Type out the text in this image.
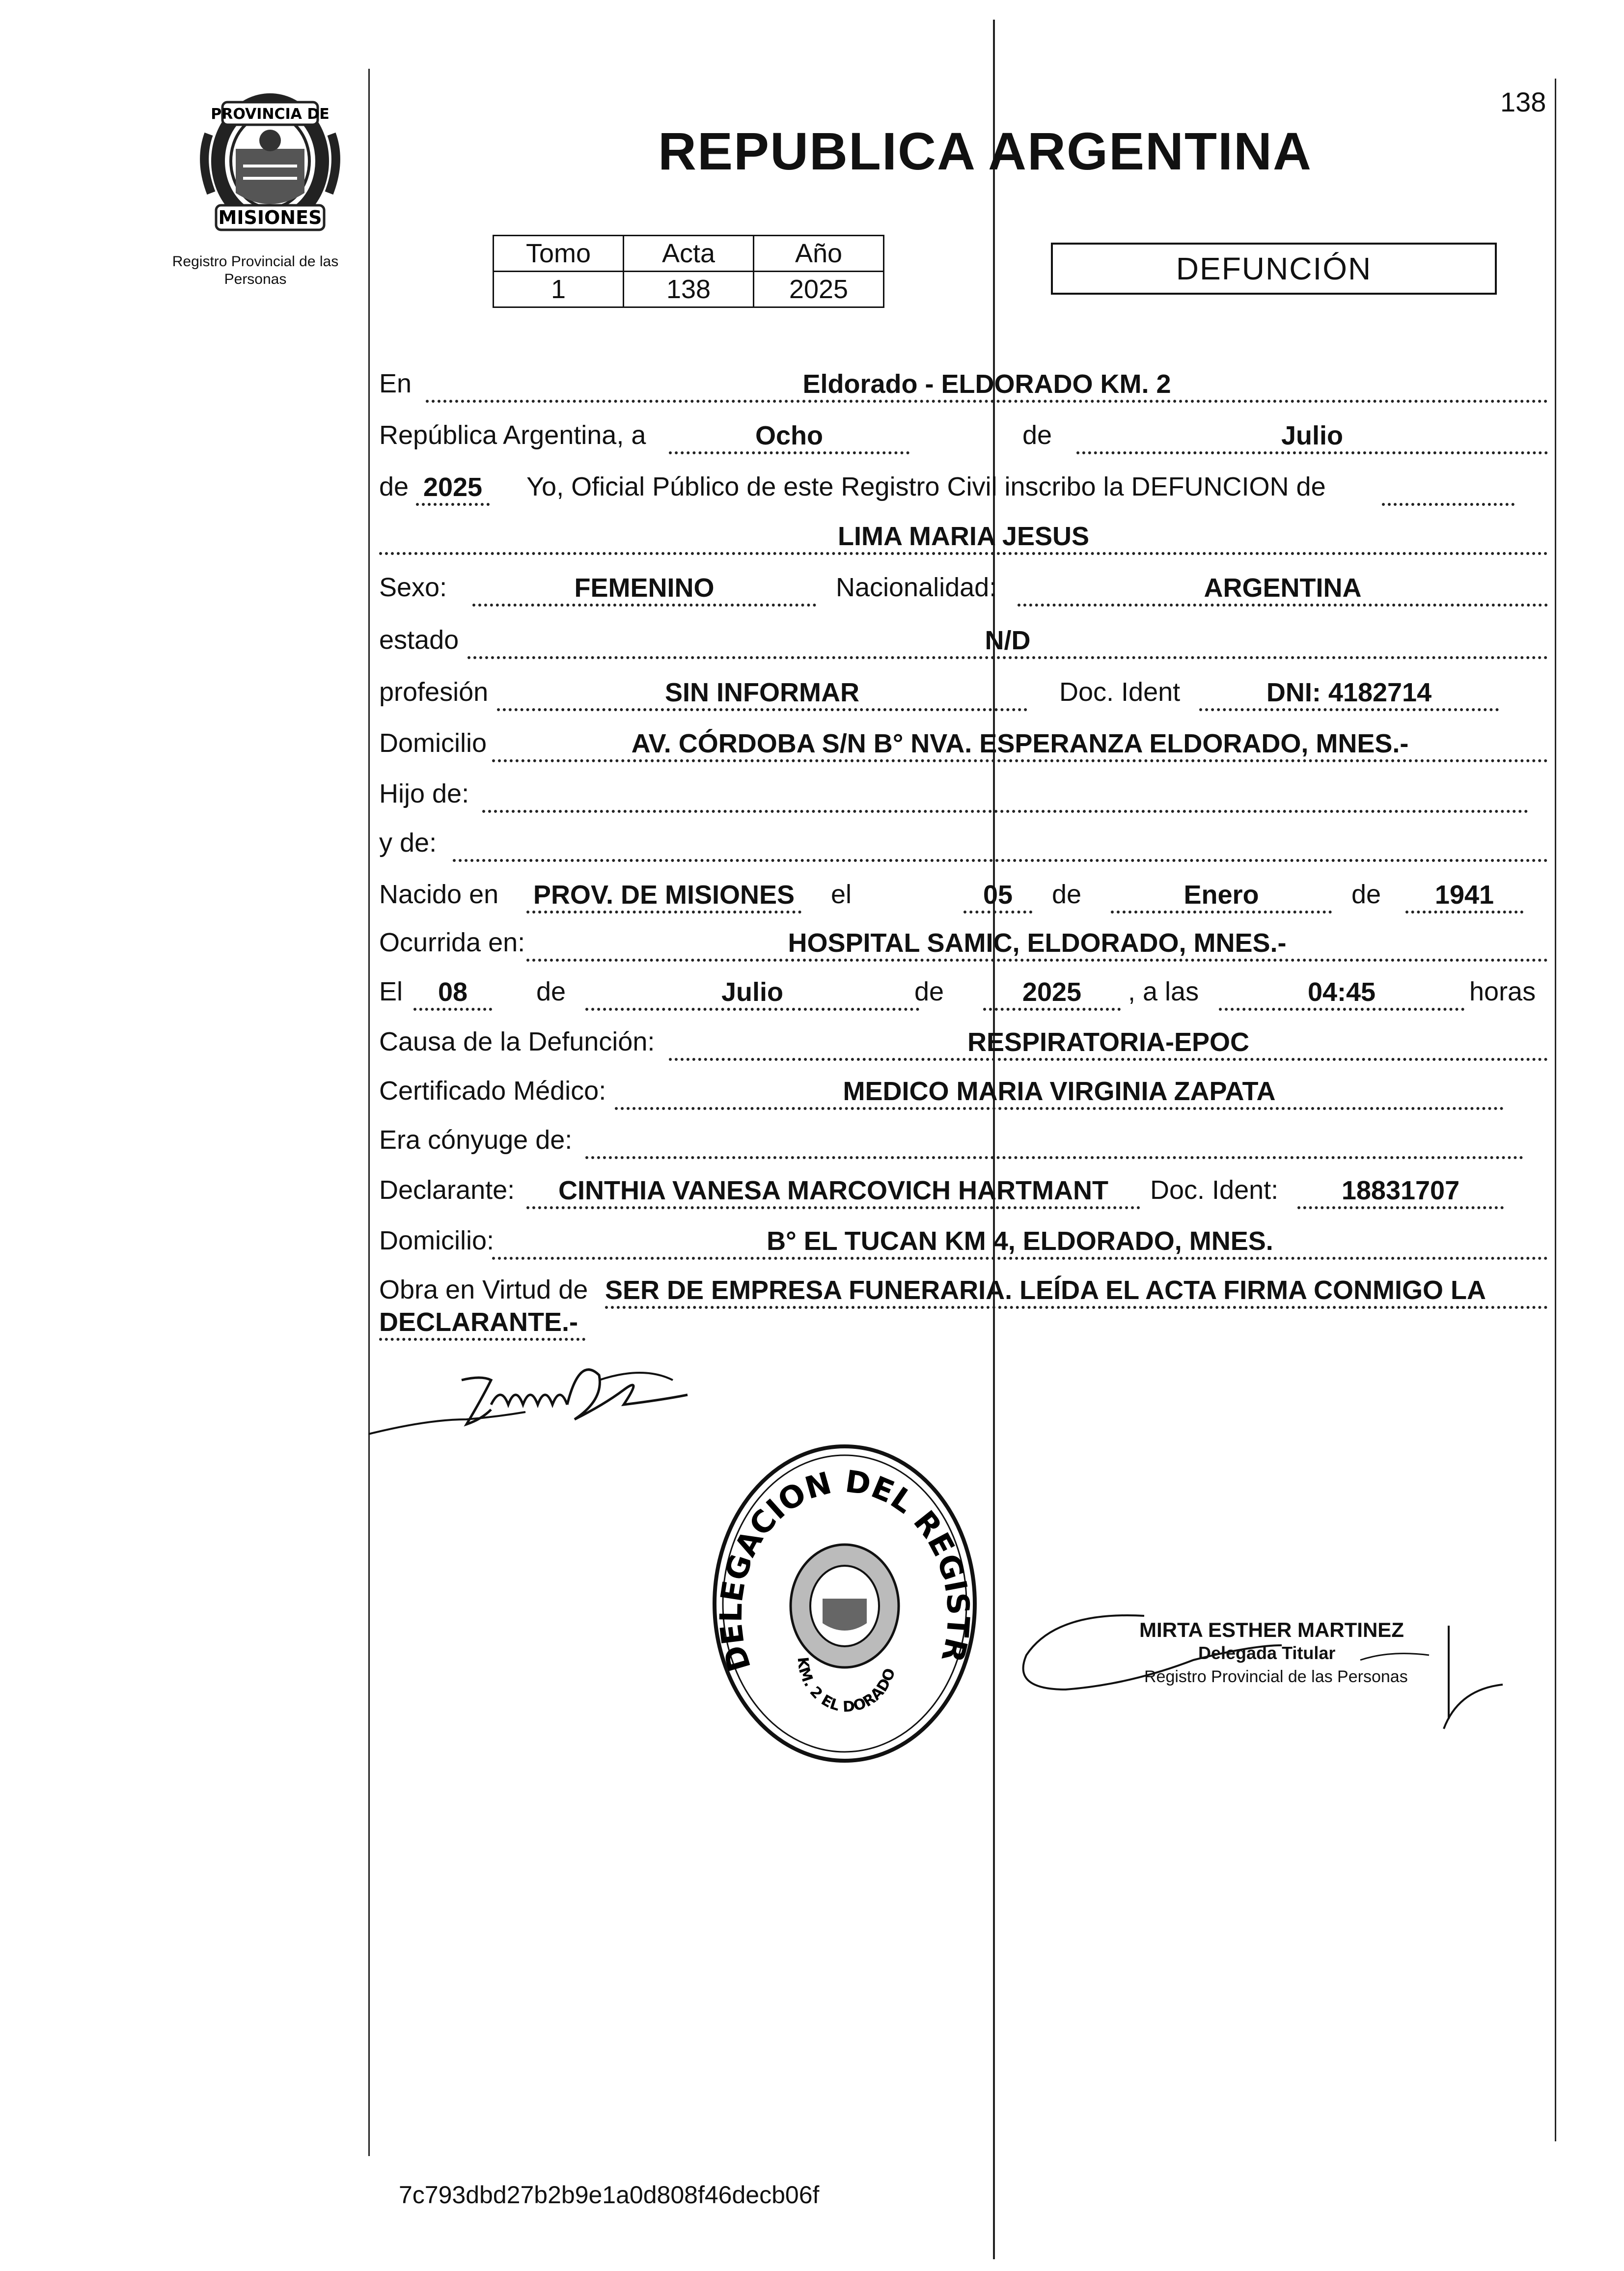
138
PROVINCIA DE
MISIONES
Registro Provincial de las Personas
REPUBLICA ARGENTINA
Tomo	Acta	Año
1	138	2025
DEFUNCIÓN
En	Eldorado - ELDORADO KM. 2
República Argentina, a	Ocho	de	Julio
de 2025 Yo, Oficial Público de este Registro Civil inscribo la DEFUNCION de
LIMA MARIA JESUS
Sexo:	FEMENINO	Nacionalidad:	ARGENTINA
estado	N/D
profesión	SIN INFORMAR	Doc. Ident	DNI: 4182714
Domicilio	AV. CÓRDOBA S/N B° NVA. ESPERANZA ELDORADO, MNES.-
Hijo de:
y de:
Nacido en PROV. DE MISIONES el	05	de	Enero	de	1941
Ocurrida en:	HOSPITAL SAMIC, ELDORADO, MNES.-
El	08	de	Julio	de	2025	, a las	04:45	horas
Causa de la Defunción:	RESPIRATORIA-EPOC
Certificado Médico:	MEDICO MARIA VIRGINIA ZAPATA
Era cónyuge de:
Declarante:	CINTHIA VANESA MARCOVICH HARTMANT	Doc. Ident:	18831707
Domicilio:	B° EL TUCAN KM 4, ELDORADO, MNES.
Obra en Virtud de SER DE EMPRESA FUNERARIA. LEÍDA EL ACTA FIRMA CONMIGO LA
DECLARANTE.-
DELEGACION DEL REGISTR
KM. 2 EL DORADO
MIRTA ESTHER MARTINEZ
Delegada Titular
Registro Provincial de las Personas
7c793dbd27b2b9e1a0d808f46decb06f
